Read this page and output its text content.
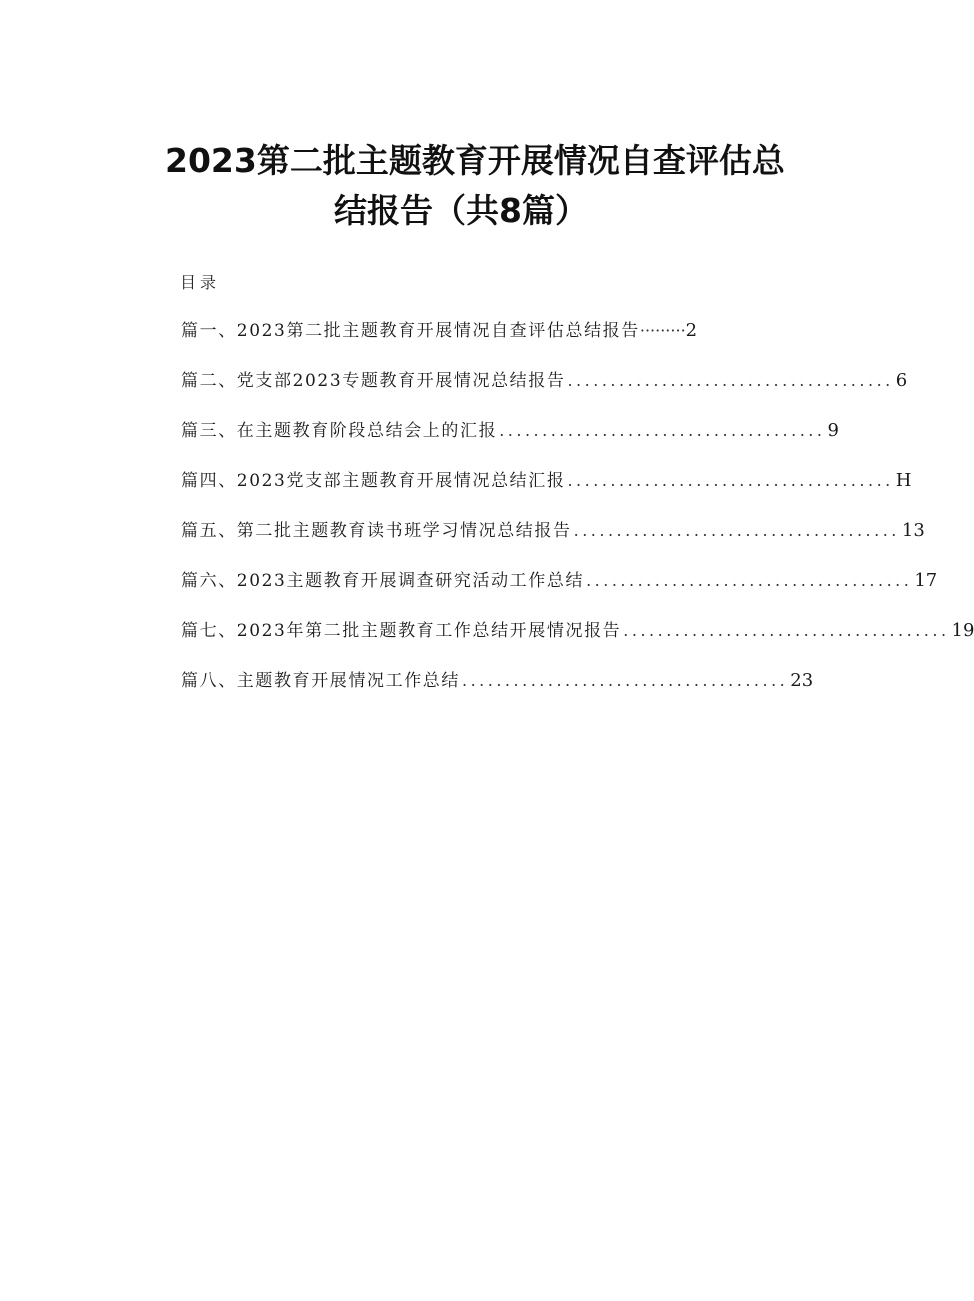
2023第二批主题教育开展情况自查评估总
结报告（共8篇）
目录
篇一、2023第二批主题教育开展情况自查评估总结报告 ········· 2
篇二、党支部2023专题教育开展情况总结报告 ...................................... 6
篇三、在主题教育阶段总结会上的汇报 ...................................... 9
篇四、2023党支部主题教育开展情况总结汇报 ...................................... H
篇五、第二批主题教育读书班学习情况总结报告 ...................................... 13
篇六、2023主题教育开展调查研究活动工作总结 ...................................... 17
篇七、2023年第二批主题教育工作总结开展情况报告 ...................................... 19
篇八、主题教育开展情况工作总结 ...................................... 23
